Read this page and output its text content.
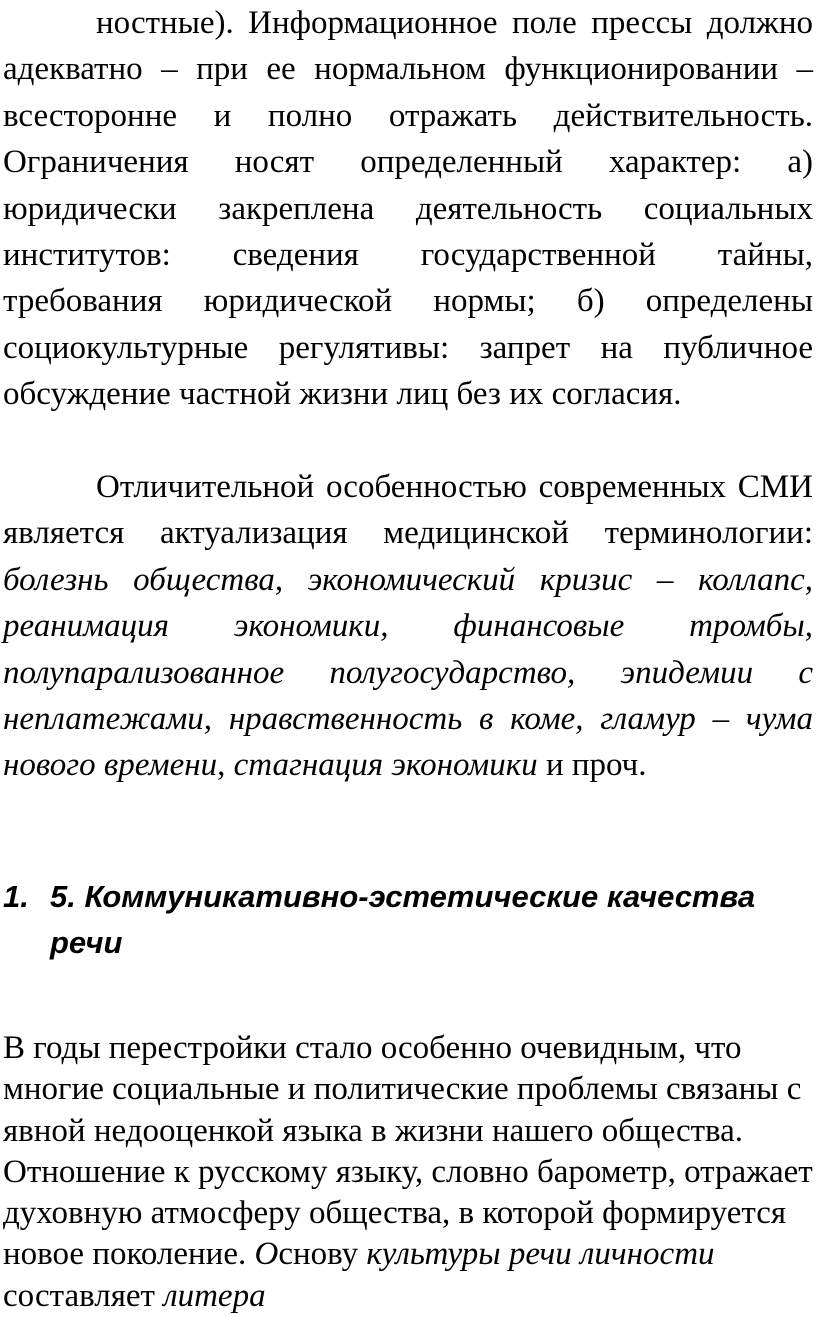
ностные). Информационное поле прессы должно адекватно – при ее нормальном функционировании – всесторонне и полно отражать действительность. Ограничения носят определенный характер: а) юридически закреплена деятельность социальных институтов: сведения государственной тайны, требования юридической нормы; б) определены социокультурные регулятивы: запрет на публичное обсуждение частной жизни лиц без их согласия.

Отличительной особенностью современных СМИ является актуализация медицинской терминологии: болезнь общества, экономический кризис – коллапс, реанимация экономики, финансовые тромбы, полупарализованное полугосударство, эпидемии с неплатежами, нравственность в коме, гламур – чума нового времени, стагнация экономики и проч.

1. 5. Коммуникативно-эстетические качества речи

В годы перестройки стало особенно очевидным, что многие социальные и политические проблемы связаны с явной недооценкой языка в жизни нашего общества. Отношение к русскому языку, словно барометр, отражает духовную атмосферу общества, в которой формируется новое поколение. Основу культуры речи личности составляет литера
